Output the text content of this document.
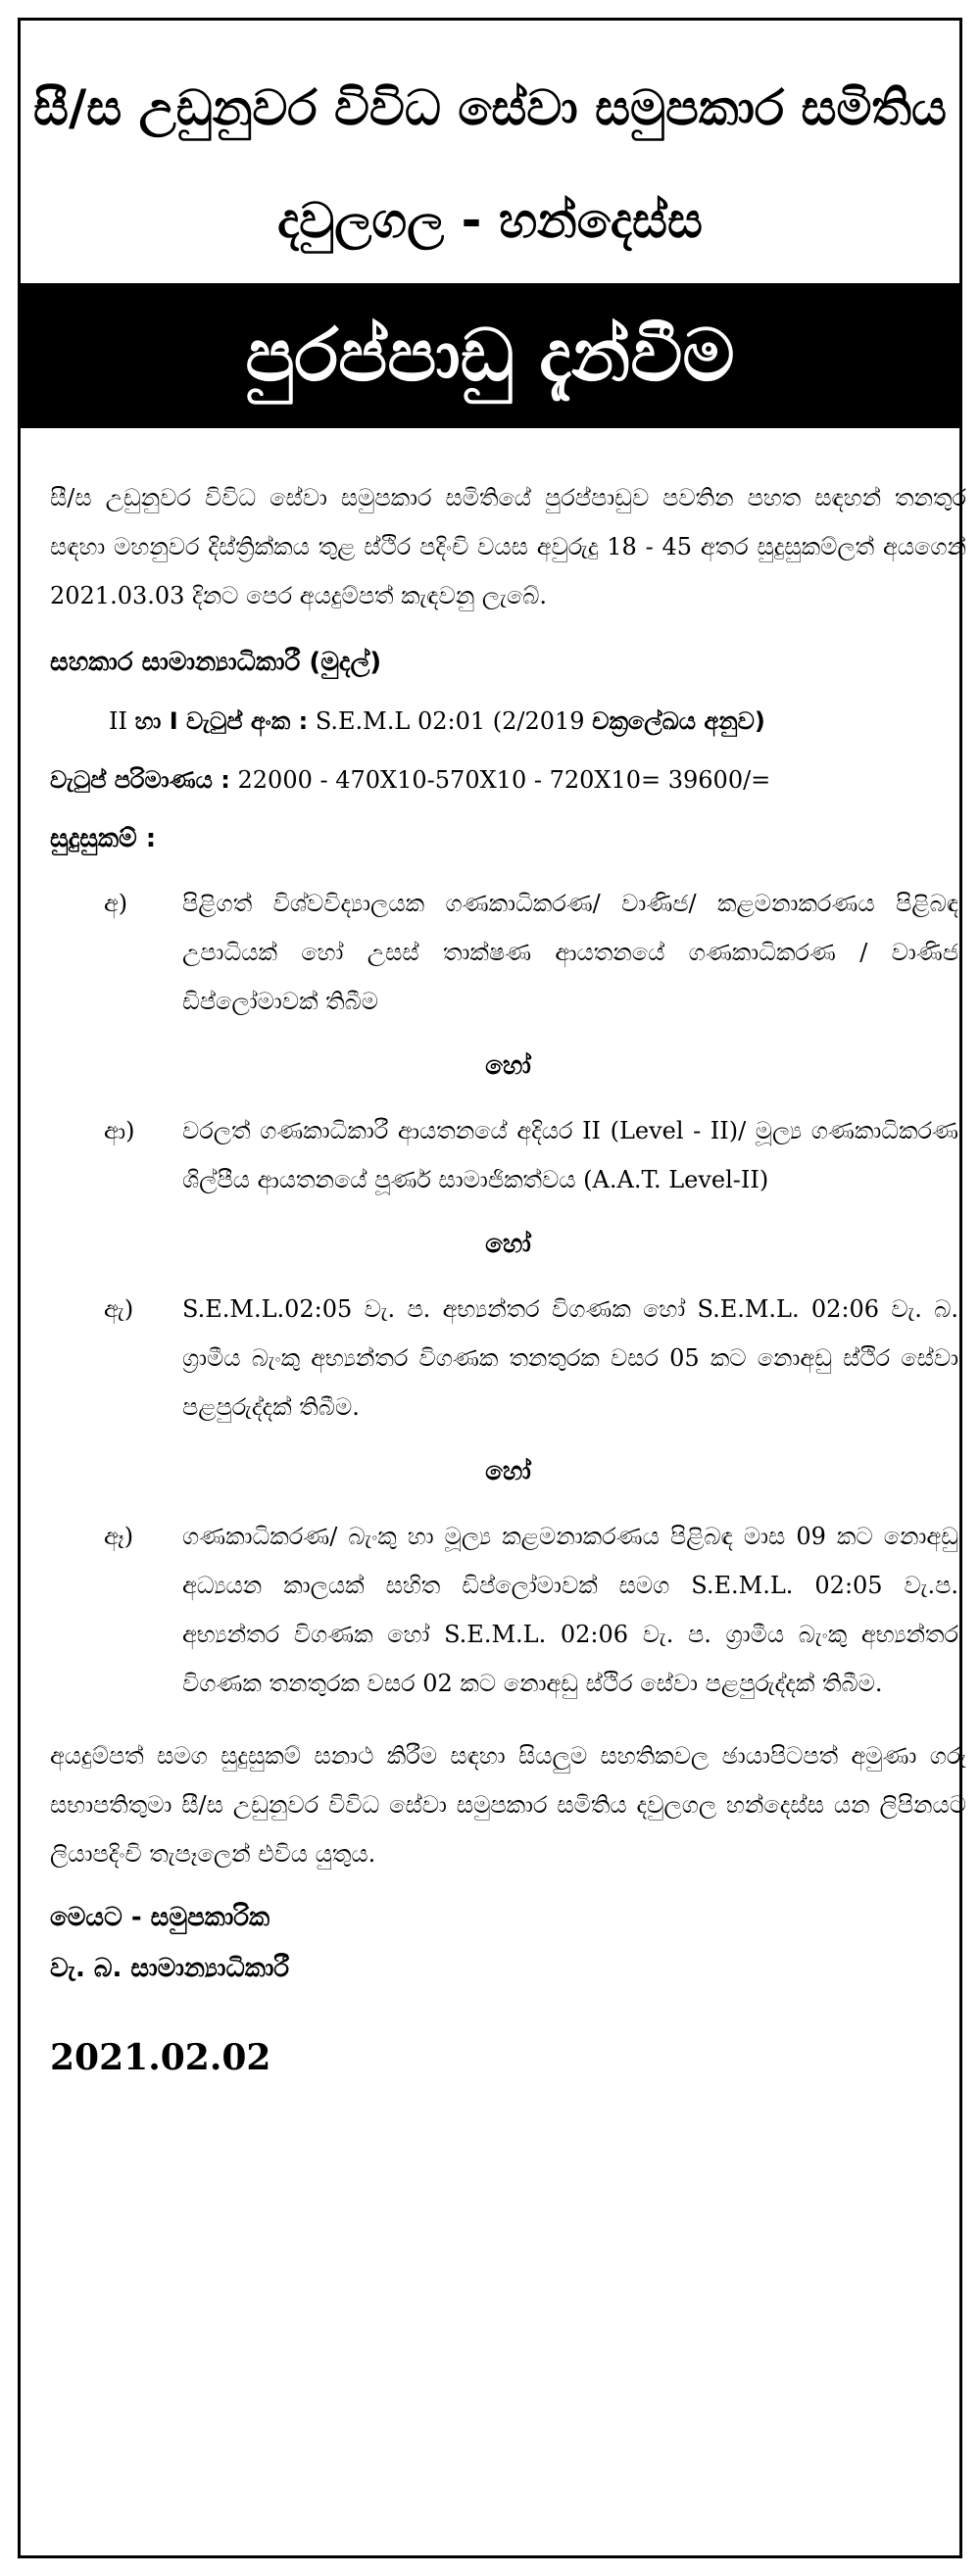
සී/ස උඩුනුවර විවිධ සේවා සමුපකාර සමිතිය
දවුලගල - හන්දෙස්ස
පුරප්පාඩු දැන්වීම

සී/ස උඩුනුවර විවිධ සේවා සමුපකාර සමිතියේ පුරප්පාඩුව පවතින පහත සඳහන් තනතුර සඳහා මහනුවර දිස්ත්‍රික්කය තුළ ස්ථිර පදිංචි වයස අවුරුදු 18 - 45 අතර සුදුසුකම්ලත් අයගෙන් 2021.03.03 දිනට පෙර අයදුම්පත් කැඳවනු ලැබේ.

සහකාර සාමාන්‍යාධිකාරී (මුදල්)
II හා I වැටුප් අංක : S.E.M.L 02:01 (2/2019 චක්‍රලේඛය අනුව)
වැටුප් පරිමාණය : 22000 - 470X10-570X10 - 720X10= 39600/=
සුදුසුකම් :
අ)	පිළිගත් විශ්වවිද්‍යාලයක ගණකාධිකරණ/ වාණිජ/ කළමනාකරණය පිළිබඳ උපාධියක් හෝ උසස් තාක්ෂණ ආයතනයේ ගණකාධිකරණ / වාණිජ ඩිප්ලෝමාවක් තිබීම
හෝ
ආ)	වරලත් ගණකාධිකාරී ආයතනයේ අදියර II (Level - II)/ මූල්‍ය ගණකාධිකරණ ශිල්පීය ආයතනයේ පූර්ණ සාමාජිකත්වය (A.A.T. Level-II)
හෝ
ඇ)	S.E.M.L.02:05 වැ. ප. අභ්‍යන්තර විගණක හෝ S.E.M.L. 02:06 වැ. බ. ග්‍රාමීය බැංකු අභ්‍යන්තර විගණක තනතුරක වසර 05 කට නොඅඩු ස්ථිර සේවා පළපුරුද්දක් තිබීම.
හෝ
ඈ)	ගණකාධිකරණ/ බැංකු හා මූල්‍ය කළමනාකරණය පිළිබඳ මාස 09 කට නොඅඩු අධ්‍යයන කාලයක් සහිත ඩිප්ලෝමාවක් සමග S.E.M.L. 02:05 වැ.ප. අභ්‍යන්තර විගණක හෝ S.E.M.L. 02:06 වැ. ප. ග්‍රාමීය බැංකු අභ්‍යන්තර විගණක තනතුරක වසර 02 කට නොඅඩු ස්ථිර සේවා පළපුරුද්දක් තිබීම.

අයදුම්පත් සමග සුදුසුකම් සනාථ කිරීම සඳහා සියලුම සහතිකවල ඡායාපිටපත් අමුණා ගරු සභාපතිතුමා සී/ස උඩුනුවර විවිධ සේවා සමුපකාර සමිතිය දවුලගල හන්දෙස්ස යන ලිපිනයට ලියාපදිංචි තැපෑලෙන් එවිය යුතුය.

මෙයට - සමුපකාරික
වැ. බ. සාමාන්‍යාධිකාරී
2021.02.02
